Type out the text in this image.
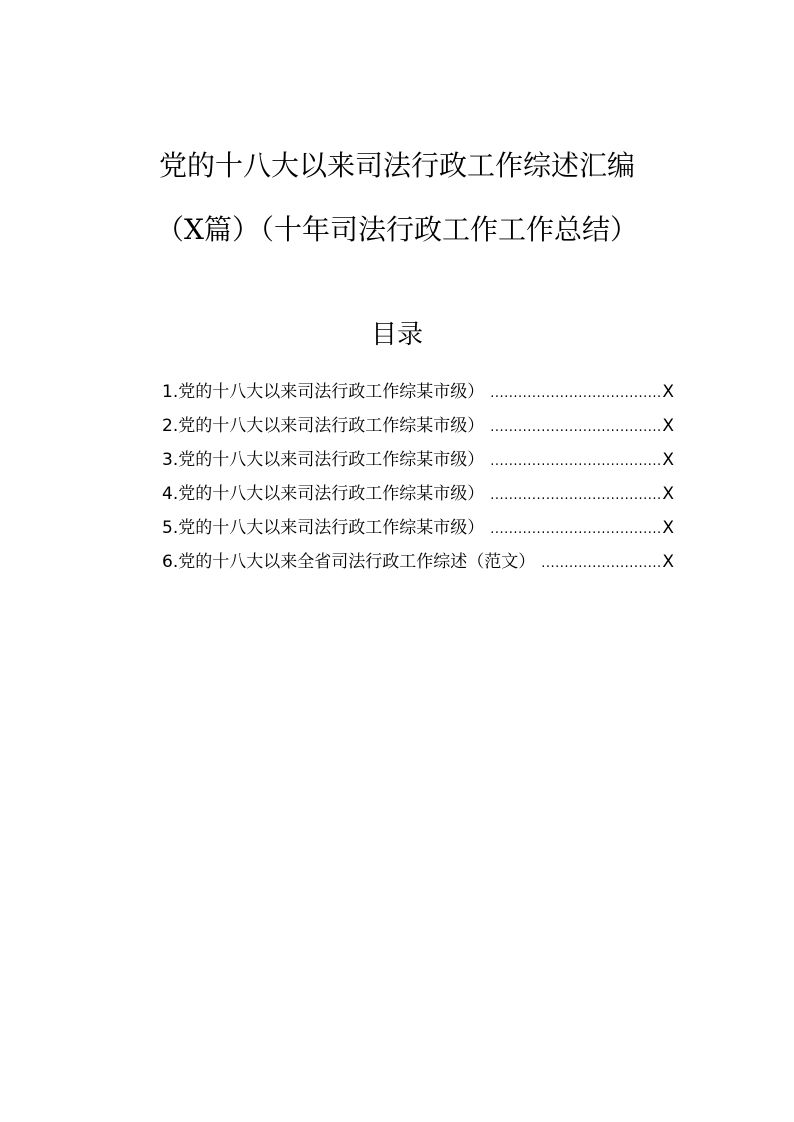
党的十八大以来司法行政工作综述汇编
（X篇）（十年司法行政工作工作总结）
目录
1. 党的十八大以来司法行政工作综某市级） .....	X
2. 党的十八大以来司法行政工作综某市级） .....	X
3. 党的十八大以来司法行政工作综某市级） .....	X
4. 党的十八大以来司法行政工作综某市级） .....	X
5. 党的十八大以来司法行政工作综某市级） .....	X
6. 党的十八大以来全省司法行政工作综述（范文） .....	X
